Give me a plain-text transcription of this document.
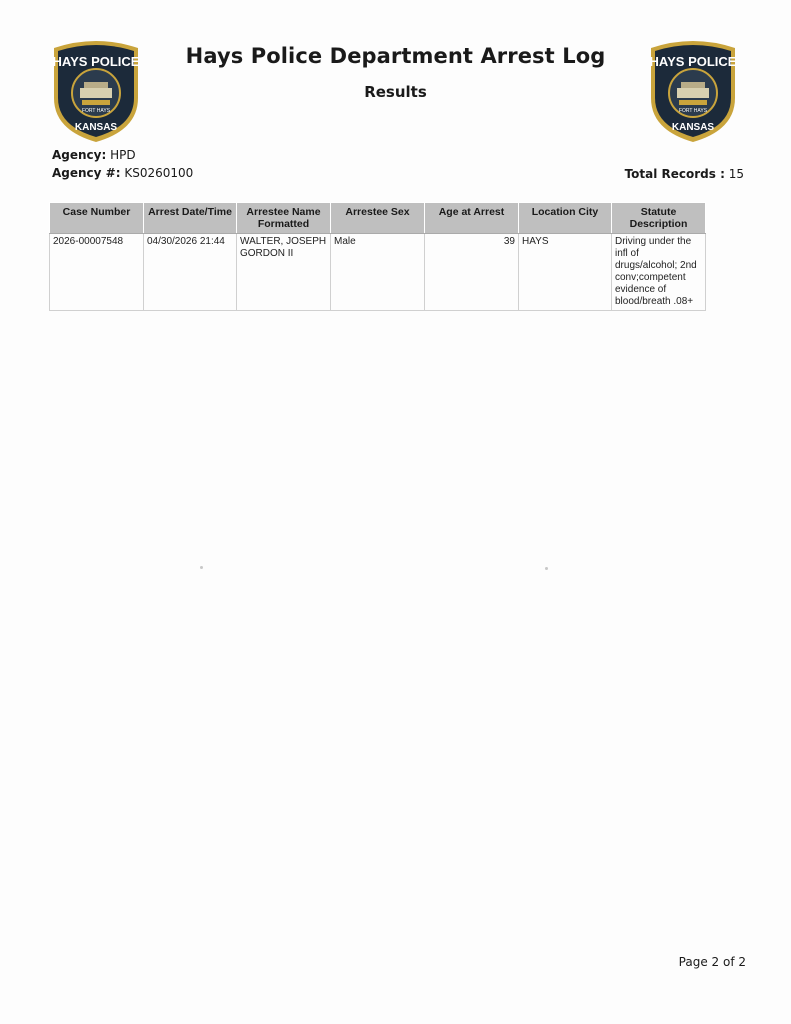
HAYS POLICE
FORT HAYS
KANSAS
Hays Police Department Arrest Log
Results
HAYS POLICE
FORT HAYS
KANSAS
Agency: HPD
Agency #: KS0260100	Total Records : 15
Case Number	Arrest Date/Time	Arrestee Name Formatted	Arrestee Sex	Age at Arrest	Location City	Statute Description
2026-00007548	04/30/2026 21:44	WALTER, JOSEPH GORDON II	Male	39	HAYS	Driving under the infl of drugs/alcohol; 2nd conv;competent evidence of blood/breath .08+
Page 2 of 2
